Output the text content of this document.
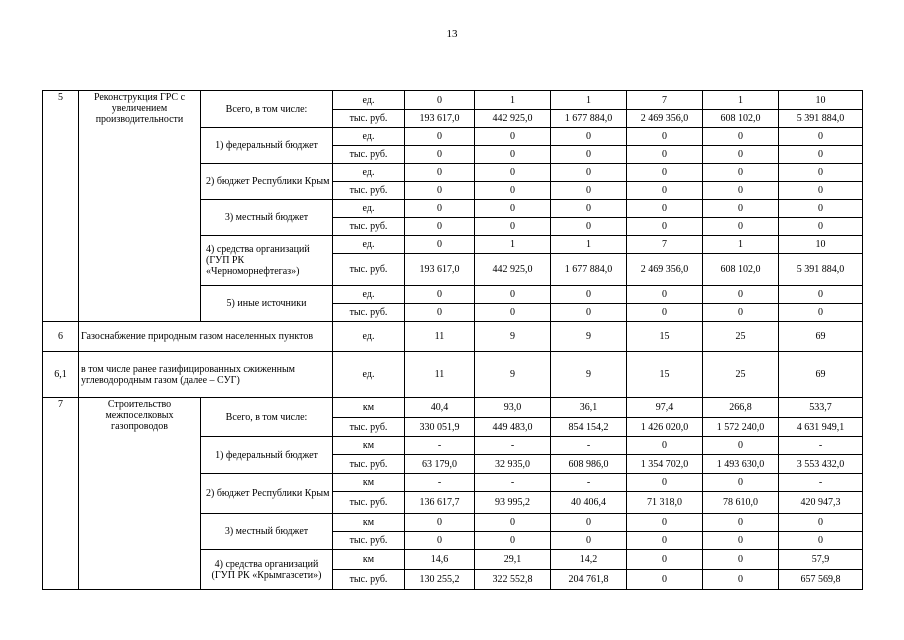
13
5	Реконструкция ГРС с увеличением производительности	Всего, в том числе:	ед.	0	1	1	7	1	10
			тыс. руб.	193 617,0	442 925,0	1 677 884,0	2 469 356,0	608 102,0	5 391 884,0
		1) федеральный бюджет	ед.	0	0	0	0	0	0
			тыс. руб.	0	0	0	0	0	0
		2) бюджет Республики Крым	ед.	0	0	0	0	0	0
			тыс. руб.	0	0	0	0	0	0
		3) местный бюджет	ед.	0	0	0	0	0	0
			тыс. руб.	0	0	0	0	0	0
		4) средства организаций (ГУП РК «Черноморнефтегаз»)	ед.	0	1	1	7	1	10
			тыс. руб.	193 617,0	442 925,0	1 677 884,0	2 469 356,0	608 102,0	5 391 884,0
		5) иные источники	ед.	0	0	0	0	0	0
			тыс. руб.	0	0	0	0	0	0
6	Газоснабжение природным газом населенных пунктов		ед.	11	9	9	15	25	69
6,1	в том числе ранее газифицированных сжиженным углеводородным газом (далее – СУГ)		ед.	11	9	9	15	25	69
7	Строительство межпоселковых газопроводов	Всего, в том числе:	км	40,4	93,0	36,1	97,4	266,8	533,7
			тыс. руб.	330 051,9	449 483,0	854 154,2	1 426 020,0	1 572 240,0	4 631 949,1
		1) федеральный бюджет	км	-	-	-	0	0	-
			тыс. руб.	63 179,0	32 935,0	608 986,0	1 354 702,0	1 493 630,0	3 553 432,0
		2) бюджет Республики Крым	км	-	-	-	0	0	-
			тыс. руб.	136 617,7	93 995,2	40 406,4	71 318,0	78 610,0	420 947,3
		3) местный бюджет	км	0	0	0	0	0	0
			тыс. руб.	0	0	0	0	0	0
		4) средства организаций (ГУП РК «Крымгазсети»)	км	14,6	29,1	14,2	0	0	57,9
			тыс. руб.	130 255,2	322 552,8	204 761,8	0	0	657 569,8
